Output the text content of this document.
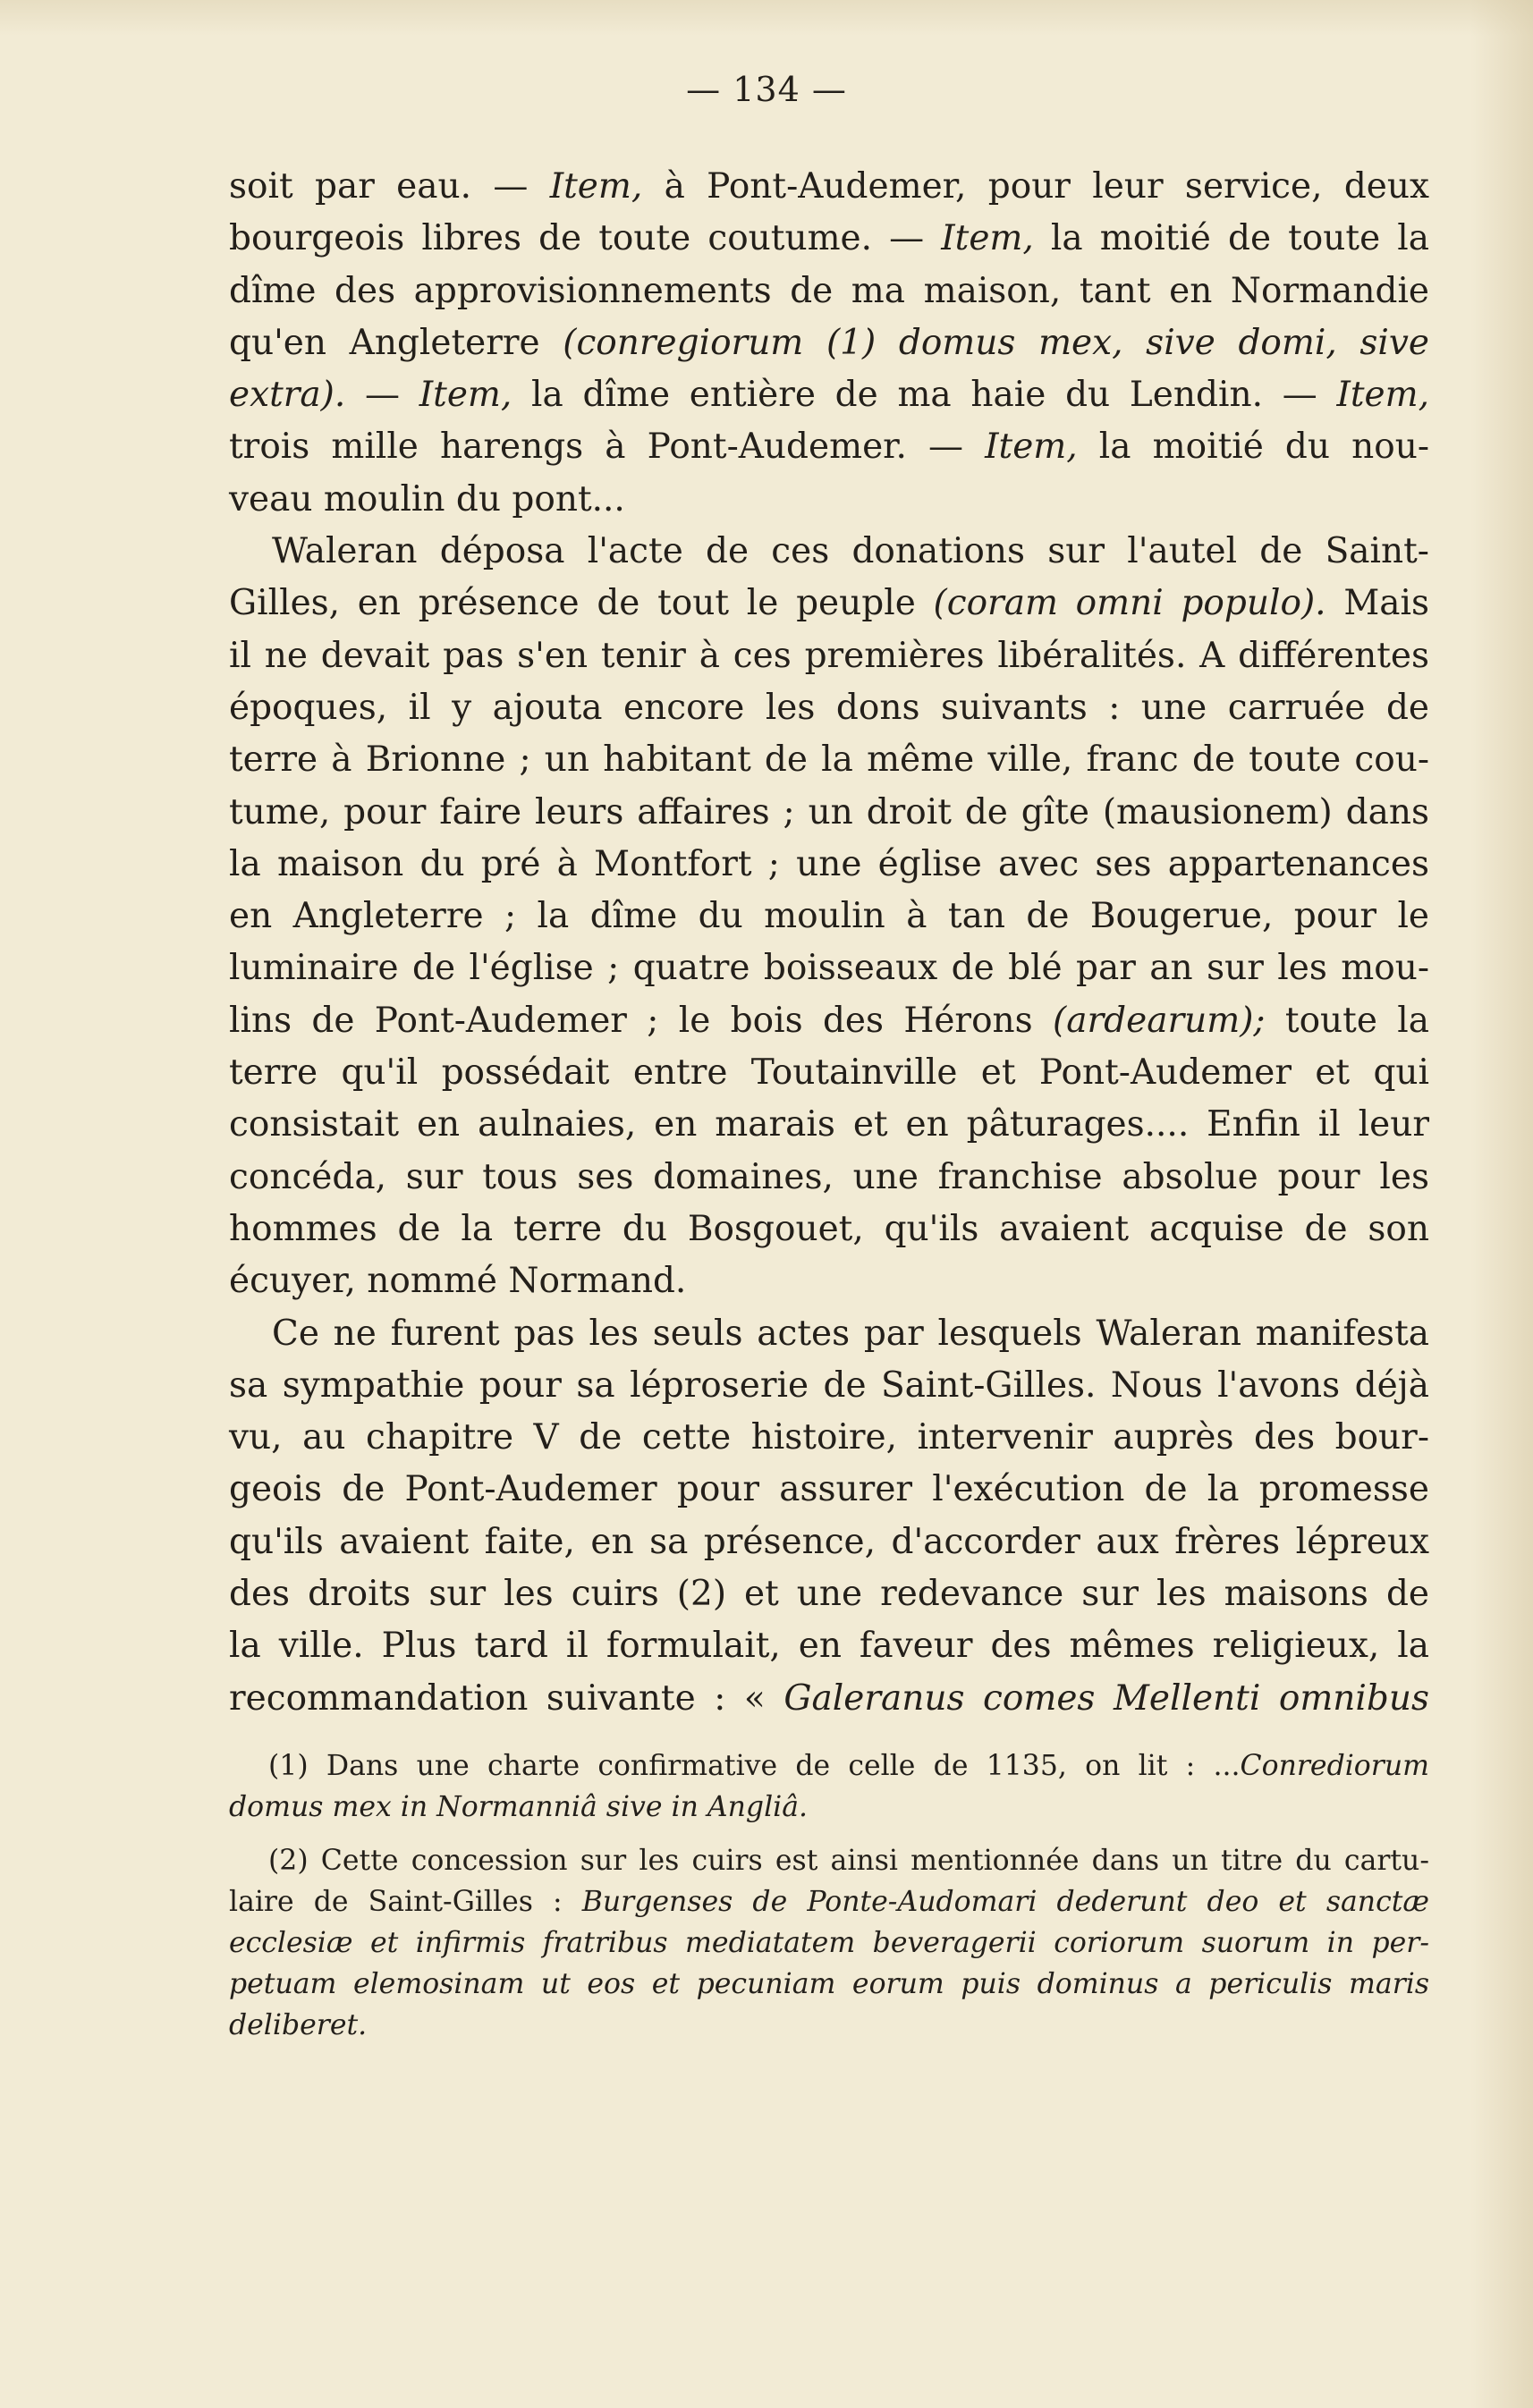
— 134 —
soit par eau. — Item, à Pont-Audemer, pour leur service, deux
bourgeois libres de toute coutume. — Item, la moitié de toute la
dîme des approvisionnements de ma maison, tant en Normandie
qu'en Angleterre (conregiorum (1) domus mex, sive domi, sive
extra). — Item, la dîme entière de ma haie du Lendin. — Item,
trois mille harengs à Pont-Audemer. — Item, la moitié du nou-
veau moulin du pont...
Waleran déposa l'acte de ces donations sur l'autel de Saint-
Gilles, en présence de tout le peuple (coram omni populo). Mais
il ne devait pas s'en tenir à ces premières libéralités. A différentes
époques, il y ajouta encore les dons suivants : une carruée de
terre à Brionne ; un habitant de la même ville, franc de toute cou-
tume, pour faire leurs affaires ; un droit de gîte (mausionem) dans
la maison du pré à Montfort ; une église avec ses appartenances
en Angleterre ; la dîme du moulin à tan de Bougerue, pour le
luminaire de l'église ; quatre boisseaux de blé par an sur les mou-
lins de Pont-Audemer ; le bois des Hérons (ardearum); toute la
terre qu'il possédait entre Toutainville et Pont-Audemer et qui
consistait en aulnaies, en marais et en pâturages.... Enfin il leur
concéda, sur tous ses domaines, une franchise absolue pour les
hommes de la terre du Bosgouet, qu'ils avaient acquise de son
écuyer, nommé Normand.
Ce ne furent pas les seuls actes par lesquels Waleran manifesta
sa sympathie pour sa léproserie de Saint-Gilles. Nous l'avons déjà
vu, au chapitre V de cette histoire, intervenir auprès des bour-
geois de Pont-Audemer pour assurer l'exécution de la promesse
qu'ils avaient faite, en sa présence, d'accorder aux frères lépreux
des droits sur les cuirs (2) et une redevance sur les maisons de
la ville. Plus tard il formulait, en faveur des mêmes religieux, la
recommandation suivante : « Galeranus comes Mellenti omnibus
(1) Dans une charte confirmative de celle de 1135, on lit : ...Conrediorum
domus mex in Normanniâ sive in Angliâ.
(2) Cette concession sur les cuirs est ainsi mentionnée dans un titre du cartu-
laire de Saint-Gilles : Burgenses de Ponte-Audomari dederunt deo et sanctæ
ecclesiæ et infirmis fratribus mediatatem beveragerii coriorum suorum in per-
petuam elemosinam ut eos et pecuniam eorum puis dominus a periculis maris
deliberet.
